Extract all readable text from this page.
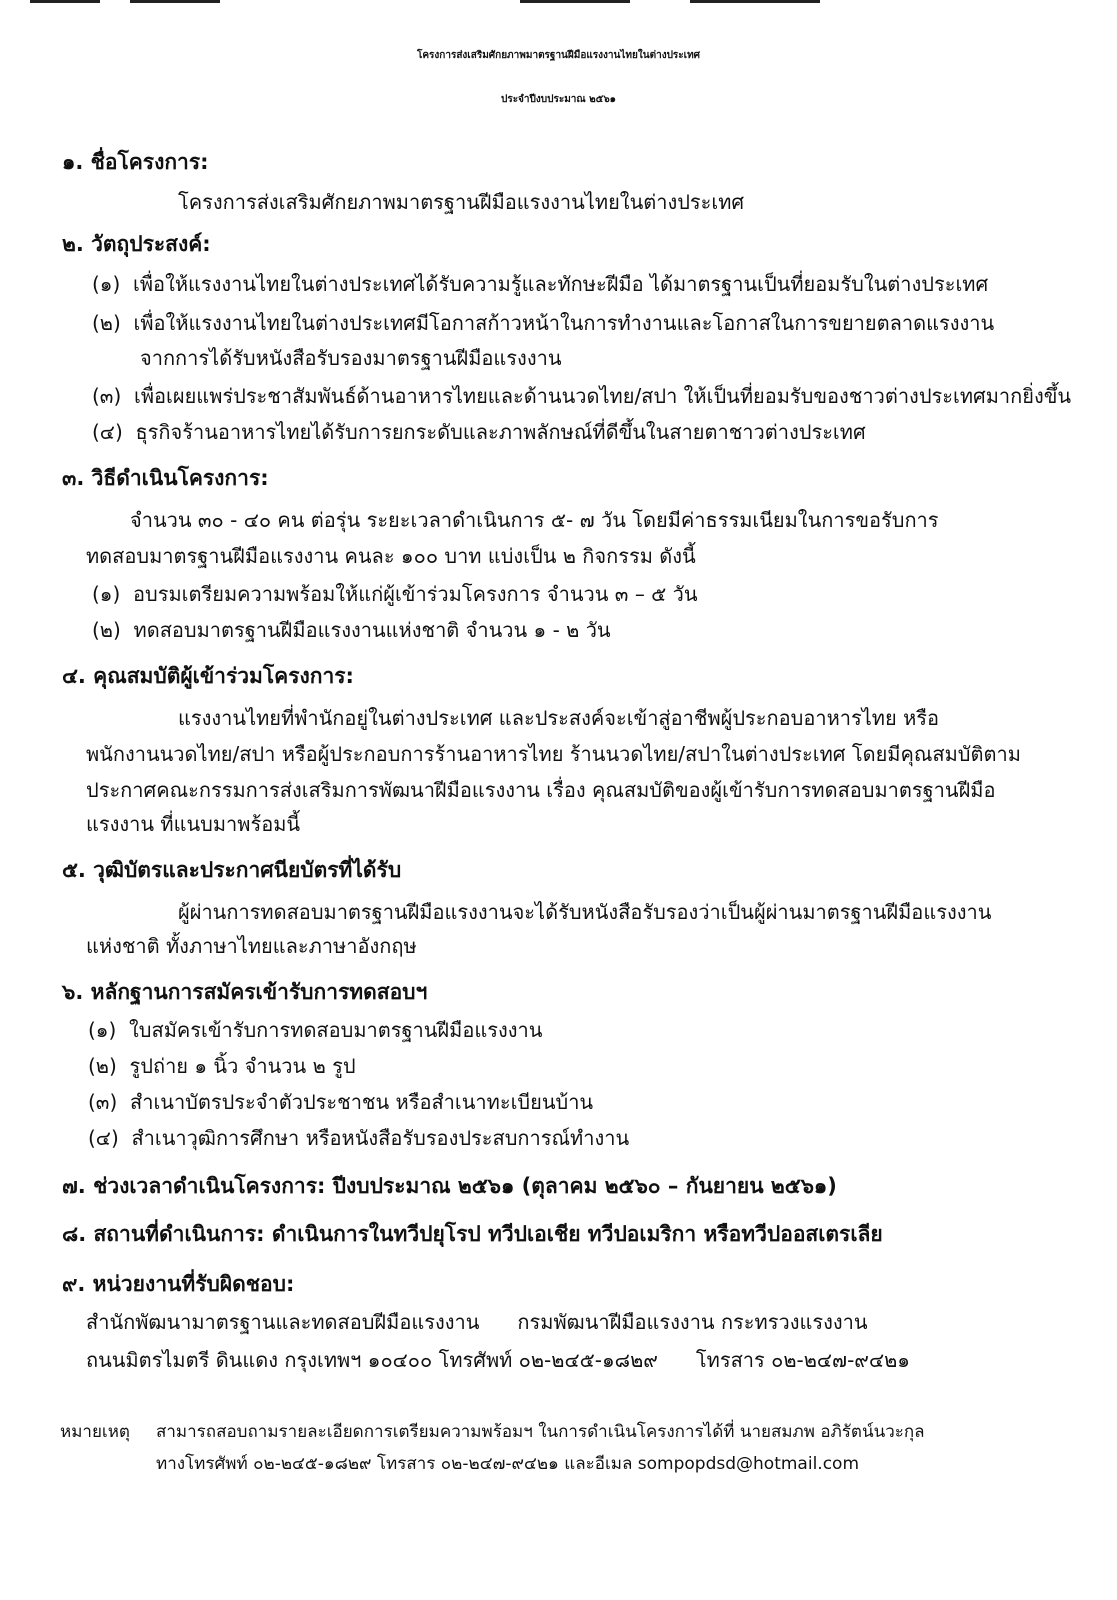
โครงการส่งเสริมศักยภาพมาตรฐานฝีมือแรงงานไทยในต่างประเทศ
ประจำปีงบประมาณ ๒๕๖๑
๑. ชื่อโครงการ:
โครงการส่งเสริมศักยภาพมาตรฐานฝีมือแรงงานไทยในต่างประเทศ
๒. วัตถุประสงค์:
(๑) เพื่อให้แรงงานไทยในต่างประเทศได้รับความรู้และทักษะฝีมือ ได้มาตรฐานเป็นที่ยอมรับในต่างประเทศ
(๒) เพื่อให้แรงงานไทยในต่างประเทศมีโอกาสก้าวหน้าในการทำงานและโอกาสในการขยายตลาดแรงงาน
จากการได้รับหนังสือรับรองมาตรฐานฝีมือแรงงาน
(๓) เพื่อเผยแพร่ประชาสัมพันธ์ด้านอาหารไทยและด้านนวดไทย/สปา ให้เป็นที่ยอมรับของชาวต่างประเทศมากยิ่งขึ้น
(๔) ธุรกิจร้านอาหารไทยได้รับการยกระดับและภาพลักษณ์ที่ดีขึ้นในสายตาชาวต่างประเทศ
๓. วิธีดำเนินโครงการ:
จำนวน ๓๐ - ๔๐ คน ต่อรุ่น ระยะเวลาดำเนินการ ๕- ๗ วัน โดยมีค่าธรรมเนียมในการขอรับการ
ทดสอบมาตรฐานฝีมือแรงงาน คนละ ๑๐๐ บาท แบ่งเป็น ๒ กิจกรรม ดังนี้
(๑) อบรมเตรียมความพร้อมให้แก่ผู้เข้าร่วมโครงการ จำนวน ๓ – ๕ วัน
(๒) ทดสอบมาตรฐานฝีมือแรงงานแห่งชาติ จำนวน ๑ - ๒ วัน
๔. คุณสมบัติผู้เข้าร่วมโครงการ:
แรงงานไทยที่พำนักอยู่ในต่างประเทศ และประสงค์จะเข้าสู่อาชีพผู้ประกอบอาหารไทย หรือ
พนักงานนวดไทย/สปา หรือผู้ประกอบการร้านอาหารไทย ร้านนวดไทย/สปาในต่างประเทศ โดยมีคุณสมบัติตาม
ประกาศคณะกรรมการส่งเสริมการพัฒนาฝีมือแรงงาน เรื่อง คุณสมบัติของผู้เข้ารับการทดสอบมาตรฐานฝีมือ
แรงงาน ที่แนบมาพร้อมนี้
๕. วุฒิบัตรและประกาศนียบัตรที่ได้รับ
ผู้ผ่านการทดสอบมาตรฐานฝีมือแรงงานจะได้รับหนังสือรับรองว่าเป็นผู้ผ่านมาตรฐานฝีมือแรงงาน
แห่งชาติ ทั้งภาษาไทยและภาษาอังกฤษ
๖. หลักฐานการสมัครเข้ารับการทดสอบฯ
(๑) ใบสมัครเข้ารับการทดสอบมาตรฐานฝีมือแรงงาน
(๒) รูปถ่าย ๑ นิ้ว จำนวน ๒ รูป
(๓) สำเนาบัตรประจำตัวประชาชน หรือสำเนาทะเบียนบ้าน
(๔) สำเนาวุฒิการศึกษา หรือหนังสือรับรองประสบการณ์ทำงาน
๗. ช่วงเวลาดำเนินโครงการ: ปีงบประมาณ ๒๕๖๑ (ตุลาคม ๒๕๖๐ – กันยายน ๒๕๖๑)
๘. สถานที่ดำเนินการ: ดำเนินการในทวีปยุโรป ทวีปเอเชีย ทวีปอเมริกา หรือทวีปออสเตรเลีย
๙. หน่วยงานที่รับผิดชอบ:
สำนักพัฒนามาตรฐานและทดสอบฝีมือแรงงาน กรมพัฒนาฝีมือแรงงาน กระทรวงแรงงาน
ถนนมิตรไมตรี ดินแดง กรุงเทพฯ ๑๐๔๐๐ โทรศัพท์ ๐๒-๒๔๕-๑๘๒๙ โทรสาร ๐๒-๒๔๗-๙๔๒๑
หมายเหตุ สามารถสอบถามรายละเอียดการเตรียมความพร้อมฯ ในการดำเนินโครงการได้ที่ นายสมภพ อภิรัตน์นวะกุล
ทางโทรศัพท์ ๐๒-๒๔๕-๑๘๒๙ โทรสาร ๐๒-๒๔๗-๙๔๒๑ และอีเมล sompopdsd@hotmail.com
